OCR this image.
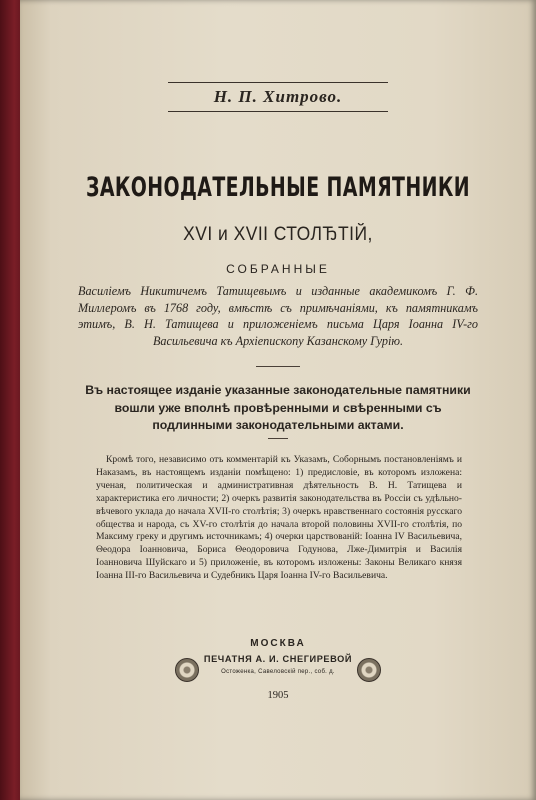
Н. П. Хитрово.
ЗАКОНОДАТЕЛЬНЫЕ ПАМЯТНИКИ
XVI и XVII СТОЛЂТІЙ,
СОБРАННЫЕ
Василіемъ Никитичемъ Татищевымъ и изданные академикомъ Г. Ф. Миллеромъ въ 1768 году, вмѣстѣ съ примѣчаніями, къ памятникамъ этимъ, В. Н. Татищева и приложеніемъ письма Царя Іоанна IV-го Васильевича къ Архіепископу Казанскому Гурію.
Въ настоящее изданіе указанные законодательные памятники вошли уже вполнѣ провѣренными и свѣренными съ подлинными законодательными актами.
Кромѣ того, независимо отъ комментарій къ Указамъ, Соборнымъ постановленіямъ и Наказамъ, въ настоящемъ изданіи помѣщено: 1) предисловіе, въ которомъ изложена: ученая, политическая и административная дѣятельность В. Н. Татищева и характеристика его личности; 2) очеркъ развитія законодательства въ Россіи съ удѣльно-вѣчевого уклада до начала XVII-го столѣтія; 3) очеркъ нравственнаго состоянія русскаго общества и народа, съ XV-го столѣтія до начала второй половины XVII-го столѣтія, по Максиму греку и другимъ источникамъ; 4) очерки царствованій: Іоанна IV Васильевича, Θеодора Іоанновича, Бориса Θеодоровича Годунова, Лже-Димитрія и Василія Іоанновича Шуйскаго и 5) приложеніе, въ которомъ изложены: Законы Великаго князя Іоанна III-го Васильевича и Судебникъ Царя Іоанна IV-го Васильевича.
МОСКВА
ПЕЧАТНЯ А. И. СНЕГИРЕВОЙ
Остоженка, Савеловскій пер., соб. д.
1905
